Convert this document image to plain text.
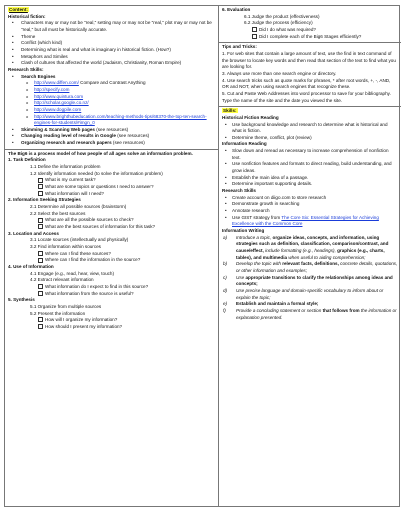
Content:
Historical fiction:
• Characters may or may not be "real," setting may or may not be "real," plot may or may not be "real," but all must be historically accurate.
• Theme
• Conflict (which kind)
• Determining what is real and what is imaginary in historical fiction. (How?)
• Metaphors and Similes
• Clash of cultures that affected the world (Judaism, Christianity, Roman Empire)
Research Skills:
• Search Engines
o http://www.diffen.com/ Compare and Contrast Anything
o http://specify.com
o http://www.quintura.com
o http://scholar.google.co.nz/
o http://www.dogpile.com
o http://www.brighthubeducation.com/teaching-methods-tips/68370-the-top-ten-search-engines-for-students/#imgn_0
• Skimming & Scanning Web pages (see resources)
• Changing reading level of results in Google (see resources)
• Organizing research and research papers (see resources)
The Big6 is a process model of how people of all ages solve an information problem.
1. Task Definition
1.1 Define the information problem
1.2 Identify information needed (to solve the information problem)
What is my current task?
What are some topics or questions I need to answer?
What information will I need?
2. Information Seeking Strategies
2.1 Determine all possible sources (brainstorm)
2.2 Select the best sources
What are all the possible sources to check?
What are the best sources of information for this task?
3. Location and Access
3.1 Locate sources (intellectually and physically)
3.2 Find information within sources
Where can I find these sources?
Where can I find the information in the source?
4. Use of Information
4.1 Engage (e.g., read, hear, view, touch)
4.2 Extract relevant information
What information do I expect to find in this source?
What information from the source is useful?
5. Synthesis
5.1 Organize from multiple sources
5.2 Present the information
How will I organize my information?
How should I present my information?
6. Evaluation
6.1 Judge the product (effectiveness)
6.2 Judge the process (efficiency)
Did I do what was required?
Did I complete each of the Big6 Stages efficiently?
Tips and Tricks:
1. For web sites that contain a large amount of text, use the find in text command of the browser to locate key words and then read that section of the text to find what you are looking for.
3. Always use more than one search engine or directory.
4. Use search tricks such as quote marks for phrases, * after root words, +, -, AND, OR and NOT, when using search engines that recognize these.
5. Cut and Paste Web Addresses into word processor to save for your bibliography. Type the name of the site and the date you viewed the site.
Skills:
Historical Fiction Reading
• Use background knowledge and research to determine what is historical and what is fiction.
• Determine theme, conflict, plot (review)
Information Reading
• Slow down and reread as necessary to increase comprehension of nonfiction text.
• Use nonfiction features and formats to direct reading, build understanding, and grow ideas.
• Establish the main idea of a passage.
• Determine important supporting details.
Research Skills
• Create account on diigo.com to store research
• Demonstrate growth in searching
• Annotate research
• Use GIST strategy from The Core Six: Essential Strategies for Achieving Excellence with the Common Core
Information Writing
a) Introduce a topic, organize ideas, concepts, and information, using strategies such as definition, classification, comparison/contrast, and cause/effect, include formatting (e.g., headings), graphics (e.g., charts, tables), and multimedia when useful to aiding comprehension;
b) Develop the topic with relevant facts, definitions, concrete details, quotations, or other information and examples;
c) Use appropriate transitions to clarify the relationships among ideas and concepts;
d) Use precise language and domain-specific vocabulary to inform about or explain the topic;
e) Establish and maintain a formal style;
f) Provide a concluding statement or section that follows from the information or explanation presented.
